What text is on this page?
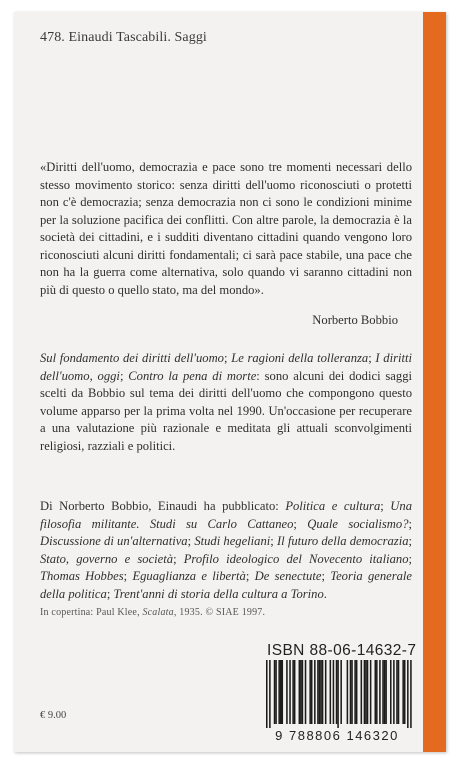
478. Einaudi Tascabili. Saggi
«Diritti dell'uomo, democrazia e pace sono tre momenti necessari dello stesso movimento storico: senza diritti dell'uomo riconosciuti o protetti non c'è democrazia; senza democrazia non ci sono le condizioni minime per la soluzione pacifica dei conflitti. Con altre parole, la democrazia è la società dei cittadini, e i sudditi diventano cittadini quando vengono loro riconosciuti alcuni diritti fondamentali; ci sarà pace stabile, una pace che non ha la guerra come alternativa, solo quando vi saranno cittadini non più di questo o quello stato, ma del mondo».
Norberto Bobbio
Sul fondamento dei diritti dell'uomo; Le ragioni della tolleranza; I diritti dell'uomo, oggi; Contro la pena di morte: sono alcuni dei dodici saggi scelti da Bobbio sul tema dei diritti dell'uomo che compongono questo volume apparso per la prima volta nel 1990. Un'occasione per recuperare a una valutazione più razionale e meditata gli attuali sconvolgimenti religiosi, razziali e politici.
Di Norberto Bobbio, Einaudi ha pubblicato: Politica e cultura; Una filosofia militante. Studi su Carlo Cattaneo; Quale socialismo?; Discussione di un'alternativa; Studi hegeliani; Il futuro della democrazia; Stato, governo e società; Profilo ideologico del Novecento italiano; Thomas Hobbes; Eguaglianza e libertà; De senectute; Teoria generale della politica; Trent'anni di storia della cultura a Torino.
In copertina: Paul Klee, Scalata, 1935. © SIAE 1997.
€ 9.00
ISBN 88-06-14632-7
9 788806 146320
